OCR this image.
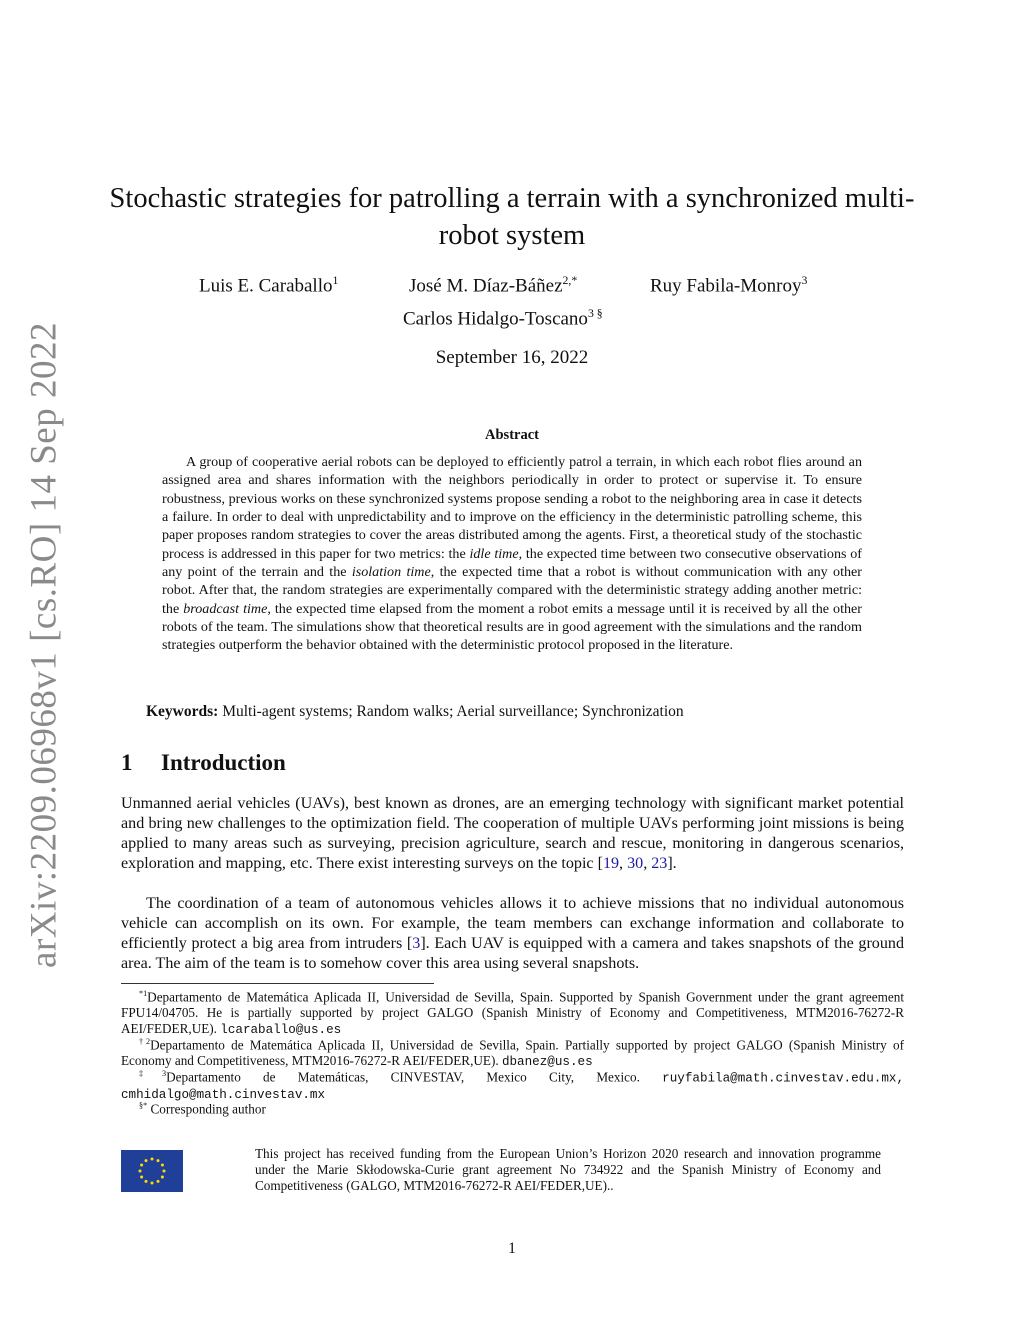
arXiv:2209.06968v1 [cs.RO] 14 Sep 2022
Stochastic strategies for patrolling a terrain with a synchronized multi-robot system
Luis E. Caraballo$^1$	José M. Díaz-Báñez$^{2,*}$	Ruy Fabila-Monroy$^3$
Carlos Hidalgo-Toscano$^{3 \S}$
September 16, 2022
Abstract
A group of cooperative aerial robots can be deployed to efficiently patrol a terrain, in which each robot flies around an assigned area and shares information with the neighbors periodically in order to protect or supervise it. To ensure robustness, previous works on these synchronized systems propose sending a robot to the neighboring area in case it detects a failure. In order to deal with unpredictability and to improve on the efficiency in the deterministic patrolling scheme, this paper proposes random strategies to cover the areas distributed among the agents. First, a theoretical study of the stochastic process is addressed in this paper for two metrics: the idle time, the expected time between two consecutive observations of any point of the terrain and the isolation time, the expected time that a robot is without communication with any other robot. After that, the random strategies are experimentally compared with the deterministic strategy adding another metric: the broadcast time, the expected time elapsed from the moment a robot emits a message until it is received by all the other robots of the team. The simulations show that theoretical results are in good agreement with the simulations and the random strategies outperform the behavior obtained with the deterministic protocol proposed in the literature.
Keywords: Multi-agent systems; Random walks; Aerial surveillance; Synchronization
1 Introduction
Unmanned aerial vehicles (UAVs), best known as drones, are an emerging technology with significant market potential and bring new challenges to the optimization field. The cooperation of multiple UAVs performing joint missions is being applied to many areas such as surveying, precision agriculture, search and rescue, monitoring in dangerous scenarios, exploration and mapping, etc. There exist interesting surveys on the topic [19, 30, 23].
The coordination of a team of autonomous vehicles allows it to achieve missions that no individual autonomous vehicle can accomplish on its own. For example, the team members can exchange information and collaborate to efficiently protect a big area from intruders [3]. Each UAV is equipped with a camera and takes snapshots of the ground area. The aim of the team is to somehow cover this area using several snapshots.
$^{*1}$Departamento de Matemática Aplicada II, Universidad de Sevilla, Spain. Supported by Spanish Government under the grant agreement FPU14/04705. He is partially supported by project GALGO (Spanish Ministry of Economy and Competitiveness, MTM2016-76272-R AEI/FEDER,UE). lcaraballo@us.es
$^{\dagger 2}$Departamento de Matemática Aplicada II, Universidad de Sevilla, Spain. Partially supported by project GALGO (Spanish Ministry of Economy and Competitiveness, MTM2016-76272-R AEI/FEDER,UE). dbanez@us.es
$^{\ddagger 3}$Departamento de Matemáticas, CINVESTAV, Mexico City, Mexico. ruyfabila@math.cinvestav.edu.mx, cmhidalgo@math.cinvestav.mx
§* Corresponding author
This project has received funding from the European Union’s Horizon 2020 research and innovation programme under the Marie Skłodowska-Curie grant agreement No 734922 and the Spanish Ministry of Economy and Competitiveness (GALGO, MTM2016-76272-R AEI/FEDER,UE)..
1
